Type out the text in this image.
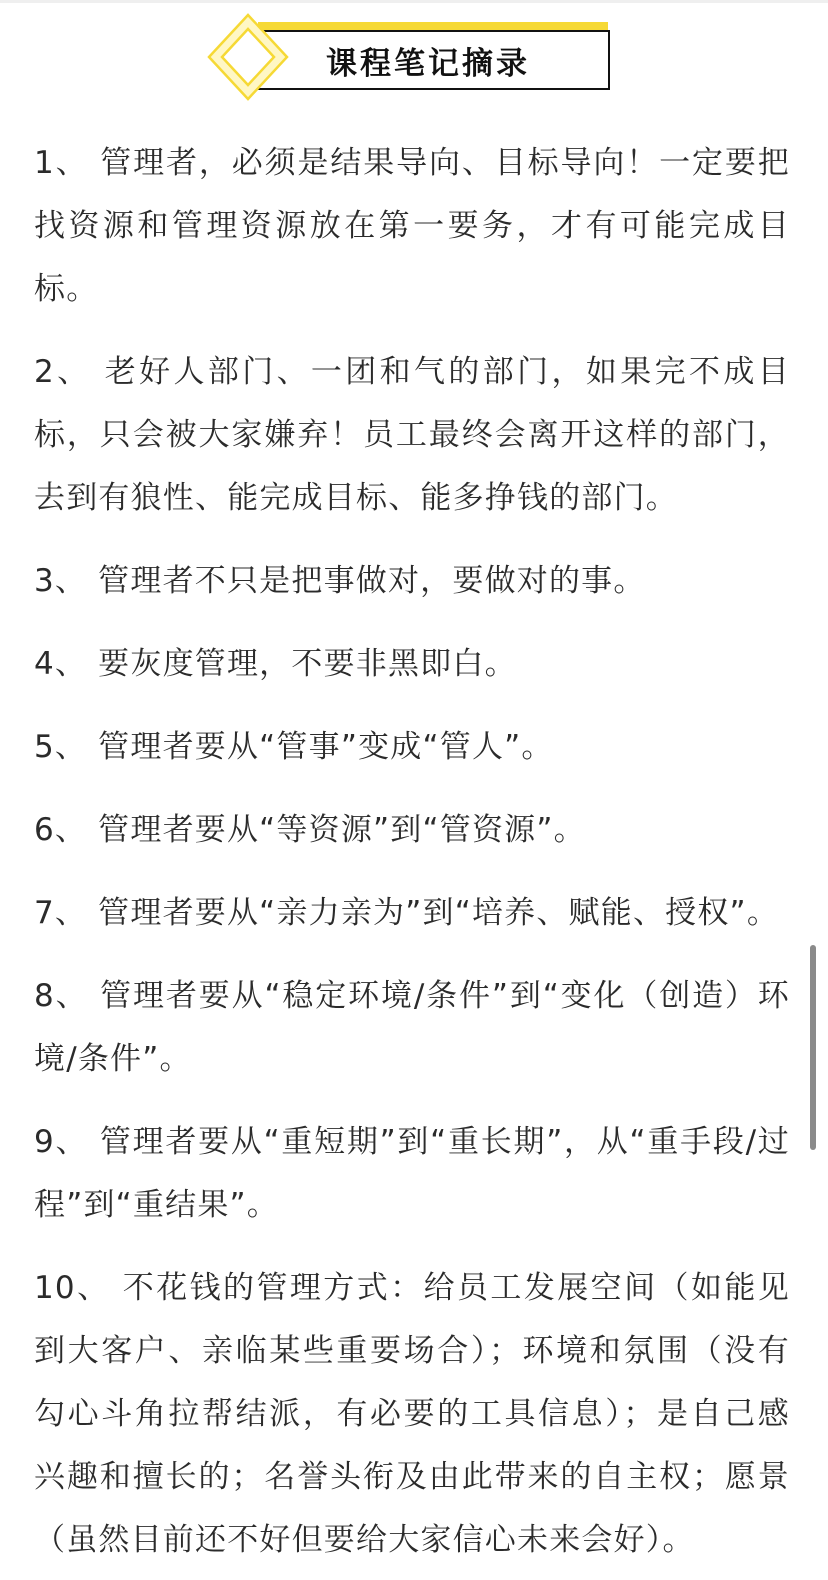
课程笔记摘录
1、 管理者，必须是结果导向、目标导向！一定要把找资源和管理资源放在第一要务，才有可能完成目标。
2、 老好人部门、一团和气的部门，如果完不成目标，只会被大家嫌弃！员工最终会离开这样的部门，去到有狼性、能完成目标、能多挣钱的部门。
3、 管理者不只是把事做对，要做对的事。
4、 要灰度管理，不要非黑即白。
5、 管理者要从“管事”变成“管人”。
6、 管理者要从“等资源”到“管资源”。
7、 管理者要从“亲力亲为”到“培养、赋能、授权”。
8、 管理者要从“稳定环境/条件”到“变化（创造）环境/条件”。
9、 管理者要从“重短期”到“重长期”，从“重手段/过程”到“重结果”。
10、 不花钱的管理方式：给员工发展空间（如能见到大客户、亲临某些重要场合）；环境和氛围（没有勾心斗角拉帮结派，有必要的工具信息）；是自己感兴趣和擅长的；名誉头衔及由此带来的自主权；愿景（虽然目前还不好但要给大家信心未来会好）。
